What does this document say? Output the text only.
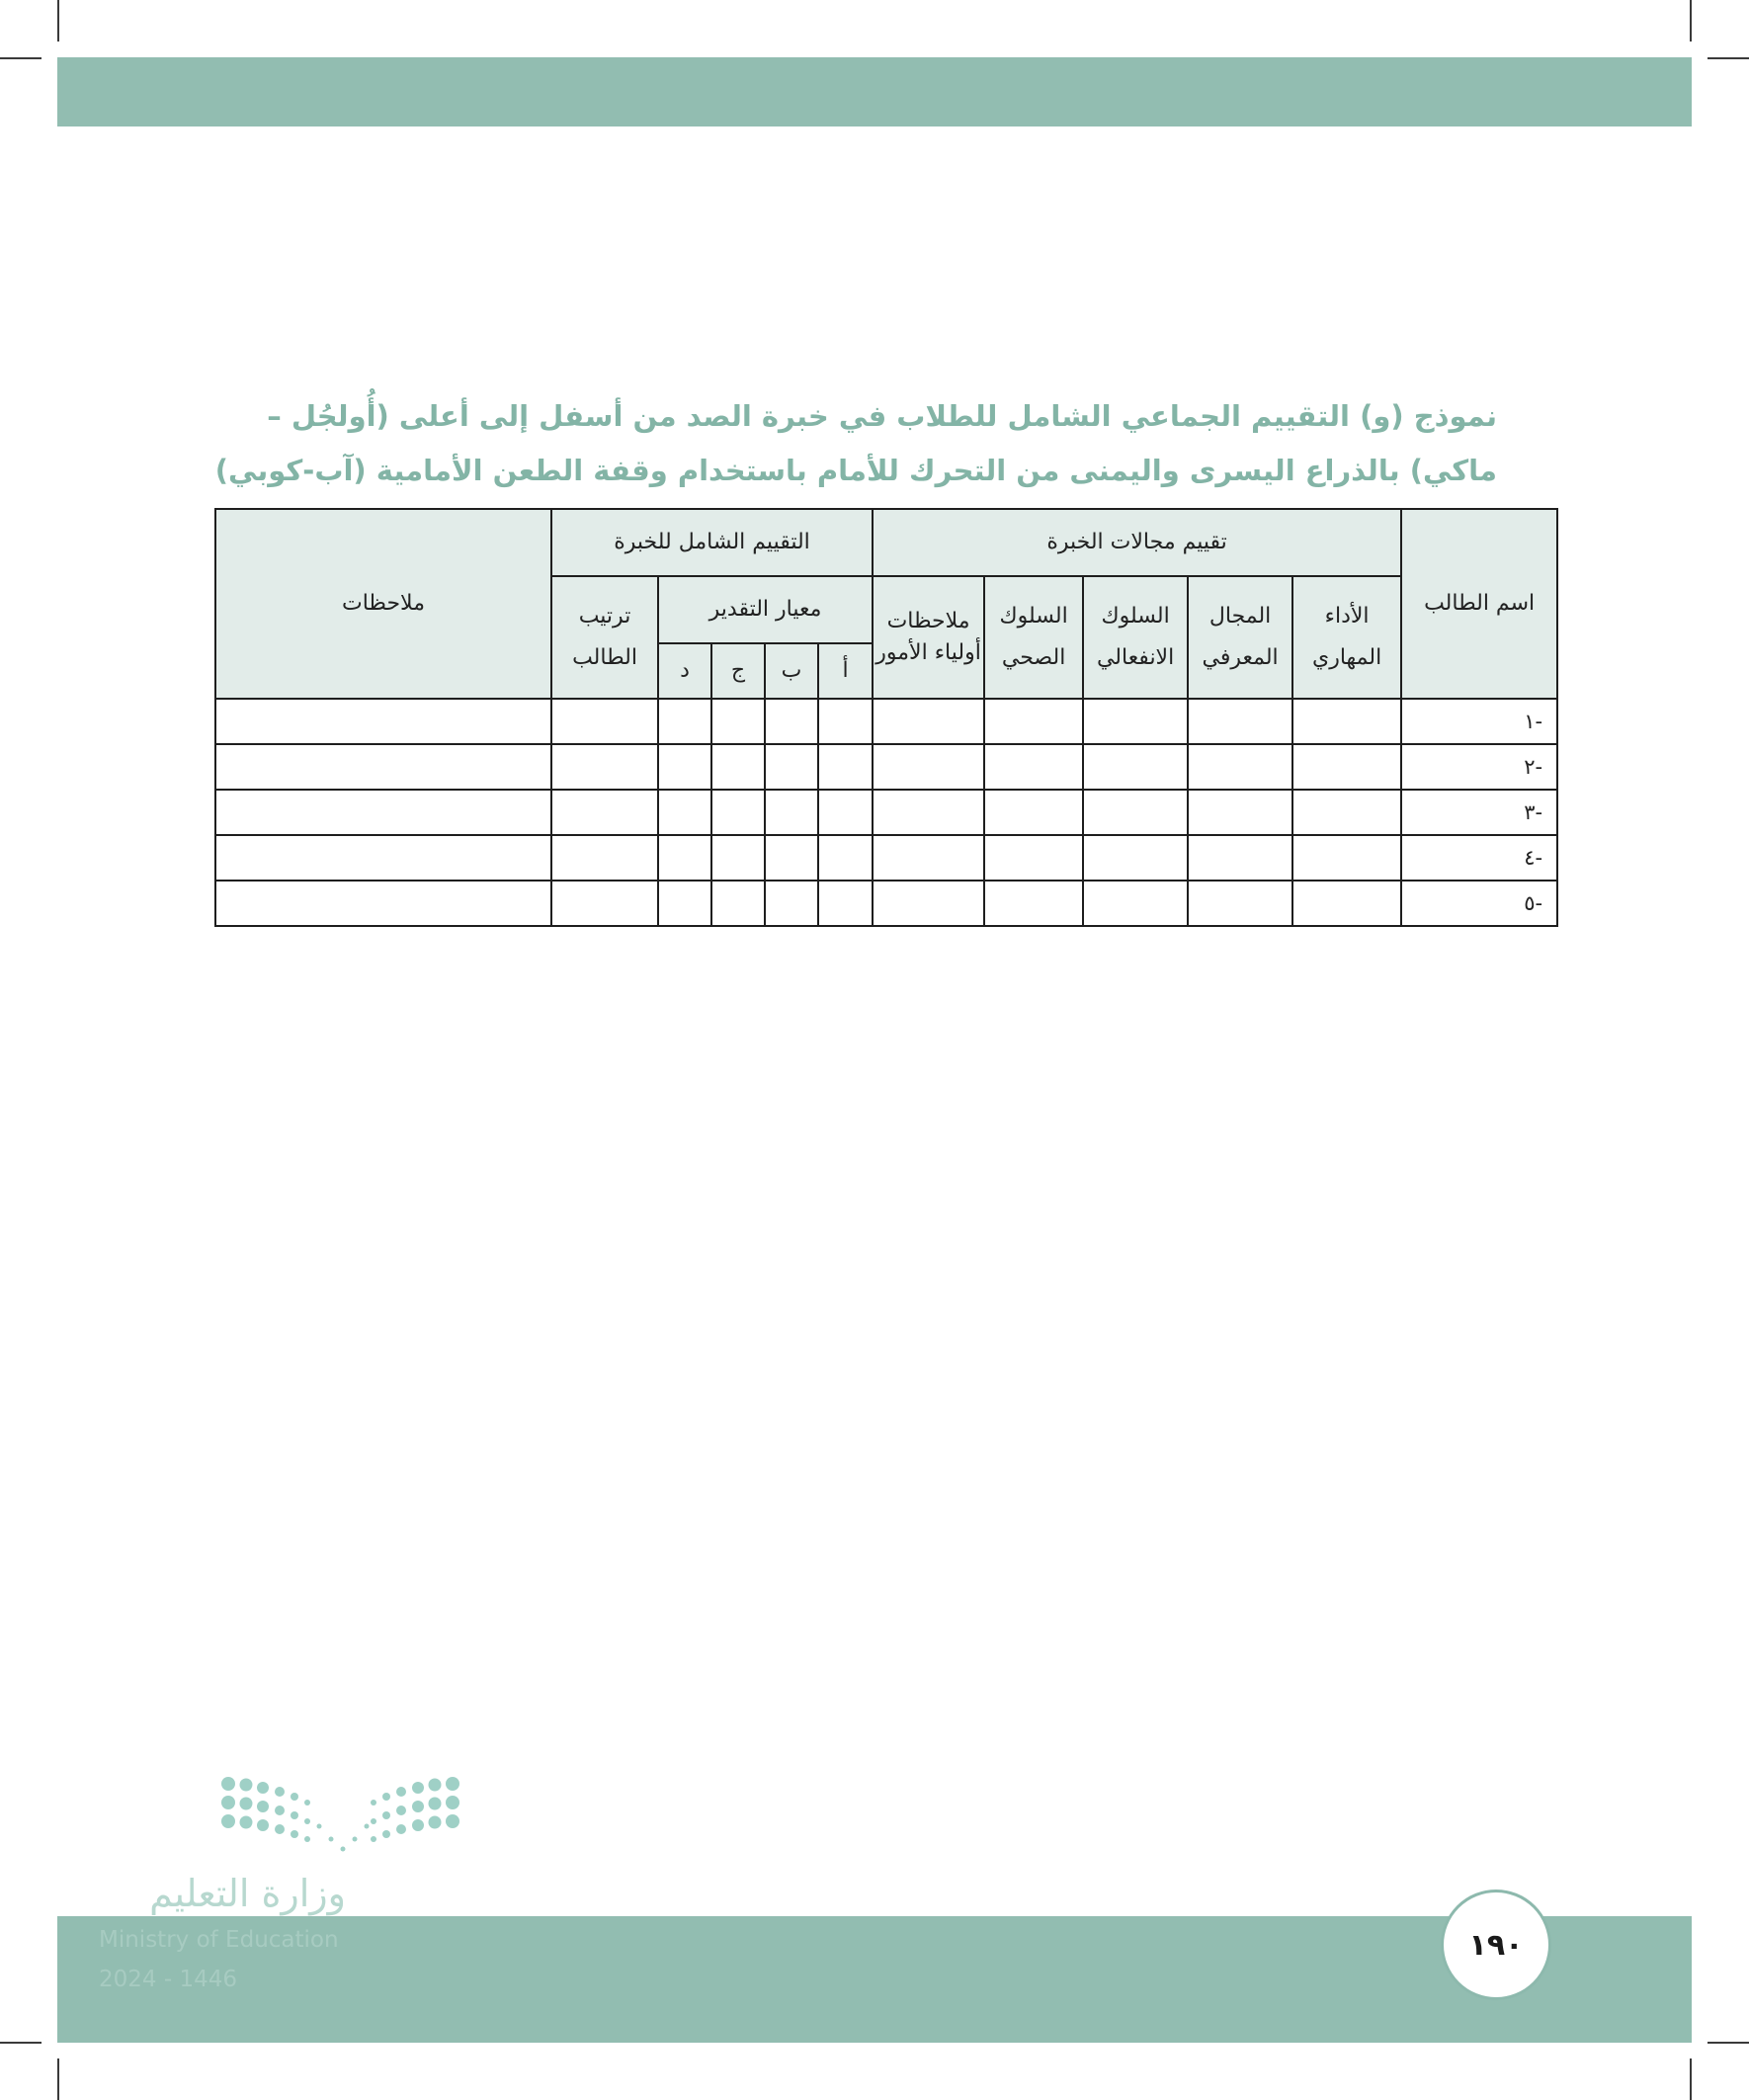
نموذج (و) التقييم الجماعي الشامل للطلاب في خبرة الصد من أسفل إلى أعلى (أُولجُل – ماكي) بالذراع اليسرى واليمنى من التحرك للأمام باستخدام وقفة الطعن الأمامية (آب-كوبي)
اسم الطالب	تقييم مجالات الخبرة					التقييم الشامل للخبرة					ملاحظات
	الأداء المهاري	المجال المعرفي	السلوك الانفعالي	السلوك الصحي	ملاحظات أولياء الأمور	معيار التقدير				ترتيب الطالب	
						أ	ب	ج	د		
-١											
-٢											
-٣											
-٤											
-٥											
وزارة التعليم
Ministry of Education
2024 - 1446
١٩٠
